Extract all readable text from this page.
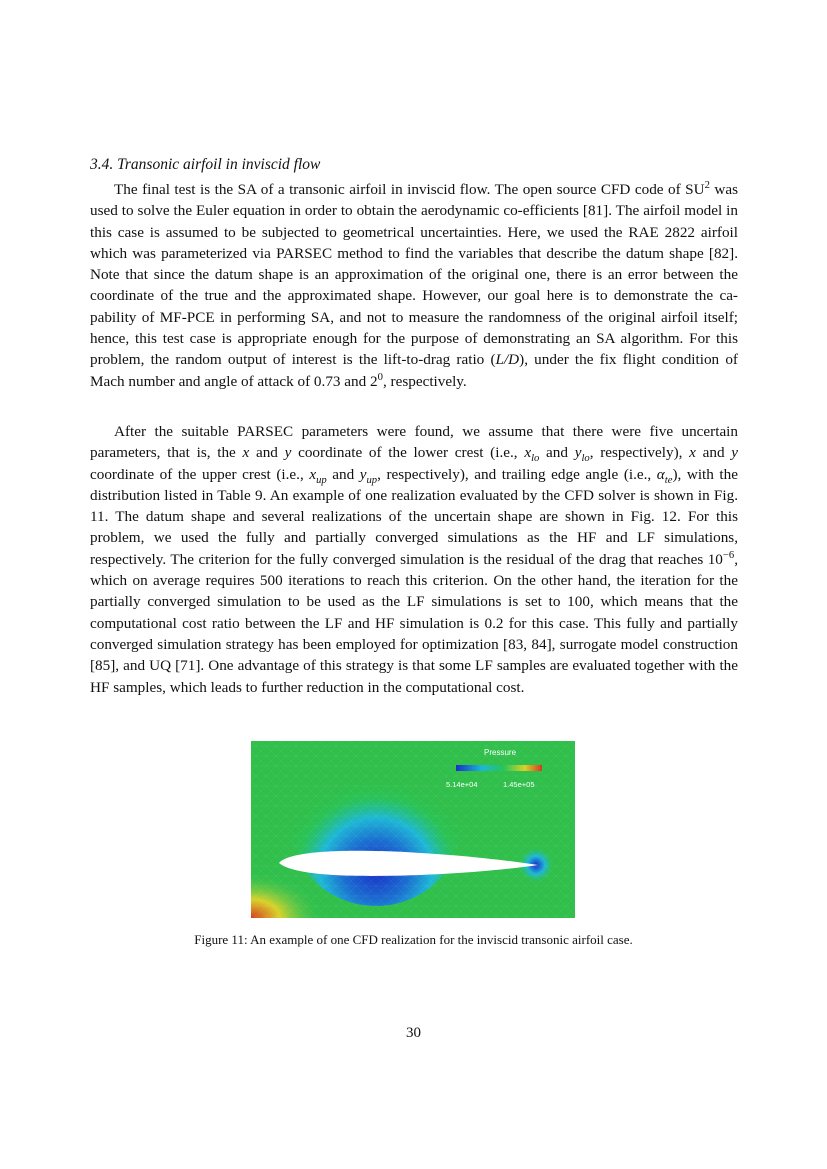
3.4. Transonic airfoil in inviscid flow

The final test is the SA of a transonic airfoil in inviscid flow. The open source CFD code of $SU^2$ was used to solve the Euler equation in order to obtain the aerodynamic co-efficients [81]. The airfoil model in this case is assumed to be subjected to geometrical uncertainties. Here, we used the RAE 2822 airfoil which was parameterized via PARSEC method to find the variables that describe the datum shape [82]. Note that since the datum shape is an approximation of the original one, there is an error between the coordinate of the true and the approximated shape. However, our goal here is to demonstrate the ca-pability of MF-PCE in performing SA, and not to measure the randomness of the original airfoil itself; hence, this test case is appropriate enough for the purpose of demonstrating an SA algorithm. For this problem, the random output of interest is the lift-to-drag ratio (L/D), under the fix flight condition of Mach number and angle of attack of 0.73 and $2^0$, respectively.

After the suitable PARSEC parameters were found, we assume that there were five uncertain parameters, that is, the x and y coordinate of the lower crest (i.e., $x_{lo}$ and $y_{lo}$, respectively), x and y coordinate of the upper crest (i.e., $x_{up}$ and $y_{up}$, respectively), and trailing edge angle (i.e., $\alpha_{te}$), with the distribution listed in Table 9. An example of one realization evaluated by the CFD solver is shown in Fig. 11. The datum shape and several realizations of the uncertain shape are shown in Fig. 12. For this problem, we used the fully and partially converged simulations as the HF and LF simulations, respectively. The criterion for the fully converged simulation is the residual of the drag that reaches $10^{-6}$, which on average requires 500 iterations to reach this criterion. On the other hand, the iteration for the partially converged simulation to be used as the LF simulations is set to 100, which means that the computational cost ratio between the LF and HF simulation is 0.2 for this case. This fully and partially converged simulation strategy has been employed for optimization [83, 84], surrogate model construction [85], and UQ [71]. One advantage of this strategy is that some LF samples are evaluated together with the HF samples, which leads to further reduction in the computational cost.

Pressure
5.14e+04	1.45e+05
Figure 11: An example of one CFD realization for the inviscid transonic airfoil case.
30
